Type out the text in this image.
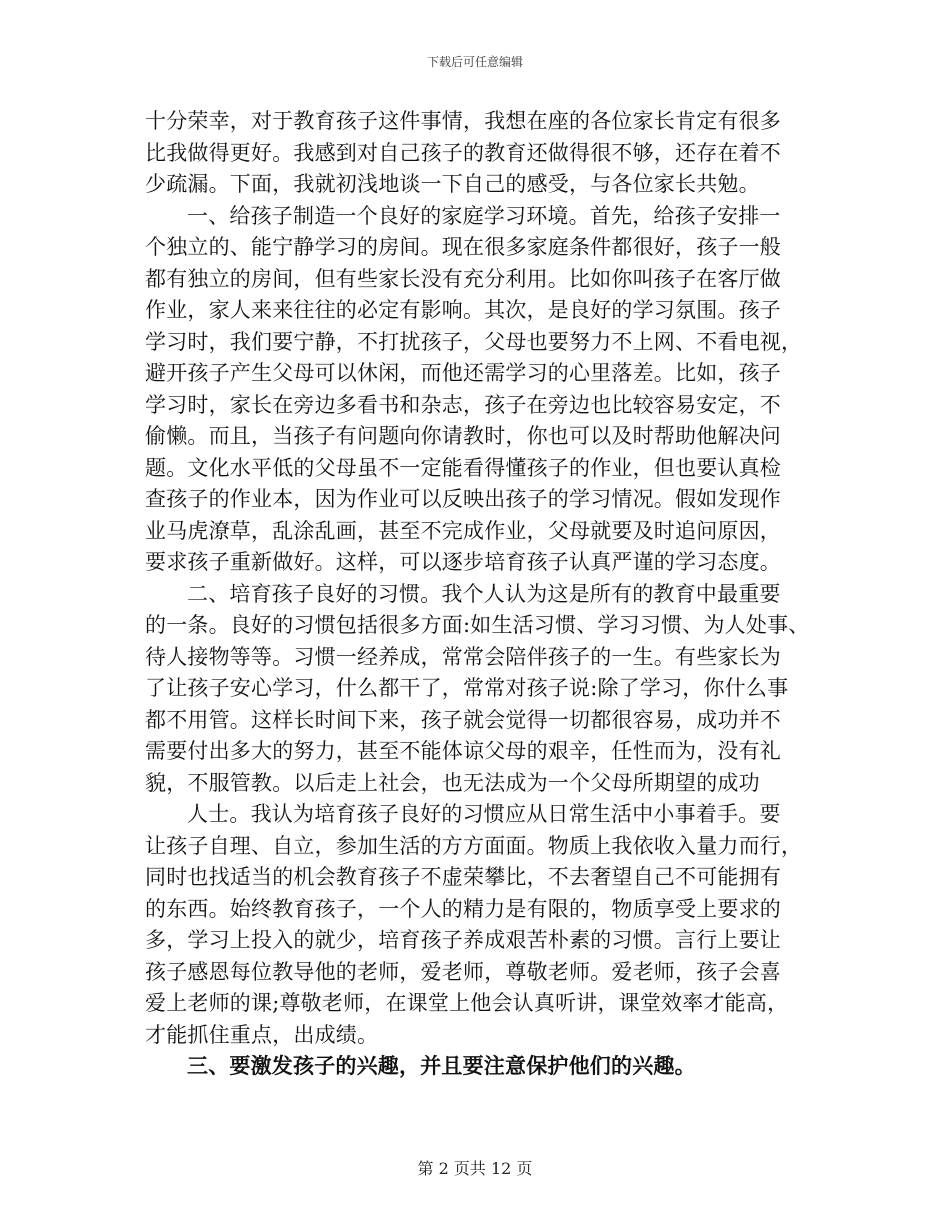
下载后可任意编辑
十分荣幸，对于教育孩子这件事情，我想在座的各位家长肯定有很多
比我做得更好。我感到对自己孩子的教育还做得很不够，还存在着不
少疏漏。下面，我就初浅地谈一下自己的感受，与各位家长共勉。
一、给孩子制造一个良好的家庭学习环境。首先，给孩子安排一
个独立的、能宁静学习的房间。现在很多家庭条件都很好，孩子一般
都有独立的房间，但有些家长没有充分利用。比如你叫孩子在客厅做
作业，家人来来往往的必定有影响。其次，是良好的学习氛围。孩子
学习时，我们要宁静，不打扰孩子，父母也要努力不上网、不看电视，
避开孩子产生父母可以休闲，而他还需学习的心里落差。比如，孩子
学习时，家长在旁边多看书和杂志，孩子在旁边也比较容易安定，不
偷懒。而且，当孩子有问题向你请教时，你也可以及时帮助他解决问
题。文化水平低的父母虽不一定能看得懂孩子的作业，但也要认真检
查孩子的作业本，因为作业可以反映出孩子的学习情况。假如发现作
业马虎潦草，乱涂乱画，甚至不完成作业，父母就要及时追问原因，
要求孩子重新做好。这样，可以逐步培育孩子认真严谨的学习态度。
二、培育孩子良好的习惯。我个人认为这是所有的教育中最重要
的一条。良好的习惯包括很多方面:如生活习惯、学习习惯、为人处事、
待人接物等等。习惯一经养成，常常会陪伴孩子的一生。有些家长为
了让孩子安心学习，什么都干了，常常对孩子说:除了学习，你什么事
都不用管。这样长时间下来，孩子就会觉得一切都很容易，成功并不
需要付出多大的努力，甚至不能体谅父母的艰辛，任性而为，没有礼
貌，不服管教。以后走上社会，也无法成为一个父母所期望的成功
人士。我认为培育孩子良好的习惯应从日常生活中小事着手。要
让孩子自理、自立，参加生活的方方面面。物质上我依收入量力而行，
同时也找适当的机会教育孩子不虚荣攀比，不去奢望自己不可能拥有
的东西。始终教育孩子，一个人的精力是有限的，物质享受上要求的
多，学习上投入的就少，培育孩子养成艰苦朴素的习惯。言行上要让
孩子感恩每位教导他的老师，爱老师，尊敬老师。爱老师，孩子会喜
爱上老师的课;尊敬老师，在课堂上他会认真听讲，课堂效率才能高，
才能抓住重点，出成绩。
三、要激发孩子的兴趣，并且要注意保护他们的兴趣。
第 2 页共 12 页
